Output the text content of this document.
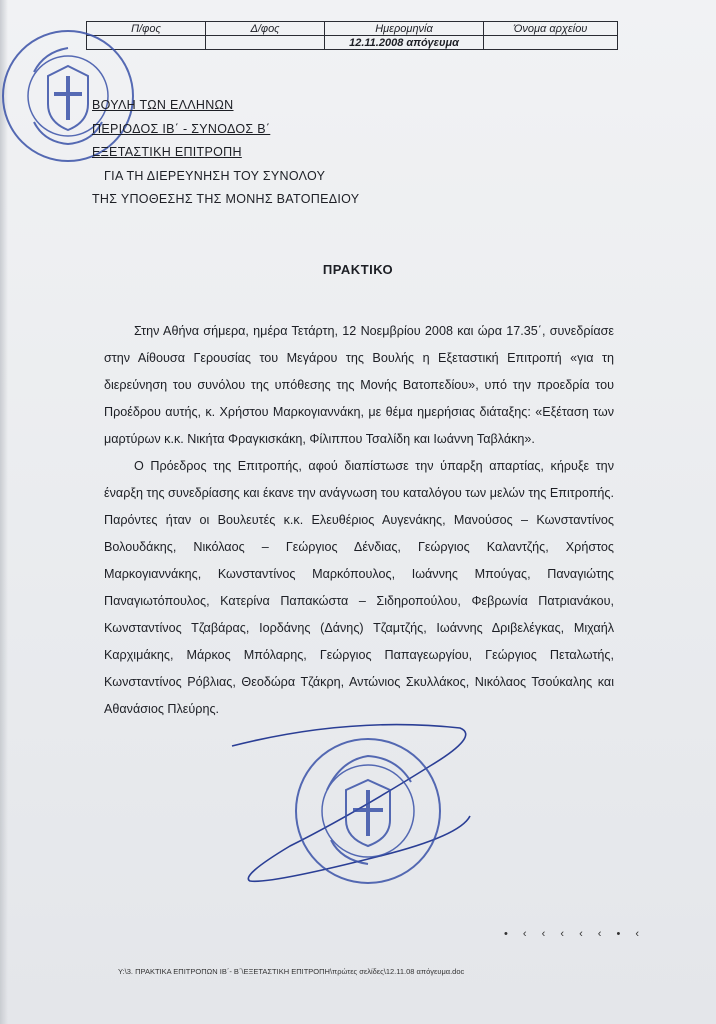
Π/φος	Δ/φος	Ημερομηνία	Όνομα αρχείου
		12.11.2008 απόγευμα	
ΒΟΥΛΗ ΤΩΝ ΕΛΛΗΝΩΝ
ΠΕΡΙΟΔΟΣ ΙΒ΄ - ΣΥΝΟΔΟΣ Β΄
ΕΞΕΤΑΣΤΙΚΗ ΕΠΙΤΡΟΠΗ
ΓΙΑ ΤΗ ΔΙΕΡΕΥΝΗΣΗ ΤΟΥ ΣΥΝΟΛΟΥ
ΤΗΣ ΥΠΟΘΕΣΗΣ ΤΗΣ ΜΟΝΗΣ ΒΑΤΟΠΕΔΙΟΥ
ΠΡΑΚΤΙΚΟ

Στην Αθήνα σήμερα, ημέρα Τετάρτη, 12 Νοεμβρίου 2008 και ώρα 17.35΄, συνεδρίασε στην Αίθουσα Γερουσίας του Μεγάρου της Βουλής η Εξεταστική Επιτροπή «για τη διερεύνηση του συνόλου της υπόθεσης της Μονής Βατοπεδίου», υπό την προεδρία του Προέδρου αυτής, κ. Χρήστου Μαρκογιαννάκη, με θέμα ημερήσιας διάταξης: «Εξέταση των μαρτύρων κ.κ. Νικήτα Φραγκισκάκη, Φίλιππου Τσαλίδη και Ιωάννη Ταβλάκη».

Ο Πρόεδρος της Επιτροπής, αφού διαπίστωσε την ύπαρξη απαρτίας, κήρυξε την έναρξη της συνεδρίασης και έκανε την ανάγνωση του καταλόγου των μελών της Επιτροπής. Παρόντες ήταν οι Βουλευτές κ.κ. Ελευθέριος Αυγενάκης, Μανούσος – Κωνσταντίνος Βολουδάκης, Νικόλαος – Γεώργιος Δένδιας, Γεώργιος Καλαντζής, Χρήστος Μαρκογιαννάκης, Κωνσταντίνος Μαρκόπουλος, Ιωάννης Μπούγας, Παναγιώτης Παναγιωτόπουλος, Κατερίνα Παπακώστα – Σιδηροπούλου, Φεβρωνία Πατριανάκου, Κωνσταντίνος Τζαβάρας, Ιορδάνης (Δάνης) Τζαμτζής, Ιωάννης Δριβελέγκας, Μιχαήλ Καρχιμάκης, Μάρκος Μπόλαρης, Γεώργιος Παπαγεωργίου, Γεώργιος Πεταλωτής, Κωνσταντίνος Ρόβλιας, Θεοδώρα Τζάκρη, Αντώνιος Σκυλλάκος, Νικόλαος Τσούκαλης και Αθανάσιος Πλεύρης.

• ‹ ‹ ‹ ‹ ‹ • ‹
Υ:\3. ΠΡΑΚΤΙΚΑ ΕΠΙΤΡΟΠΩΝ ΙΒ΄- Β΄\ΕΞΕΤΑΣΤΙΚΗ ΕΠΙΤΡΟΠΗ\πρώτες σελίδες\12.11.08 απόγευμα.doc
